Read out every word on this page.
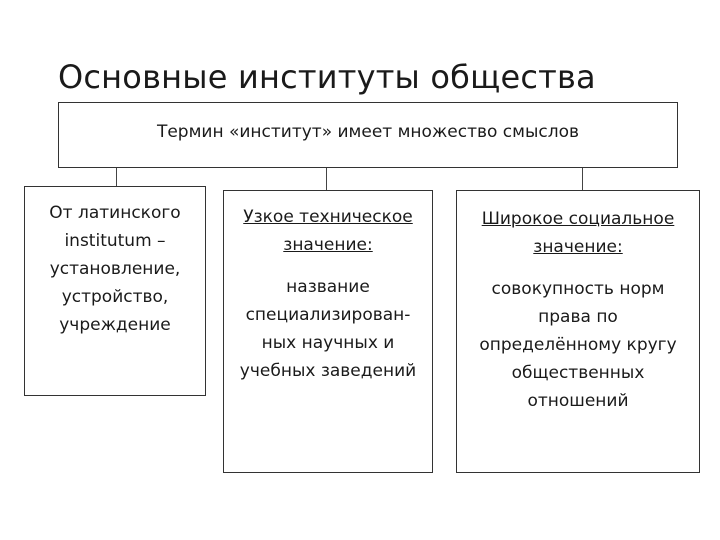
Основные институты общества
Термин «институт» имеет множество смыслов
От латинского
institutum –
установление,
устройство,
учреждение
Узкое техническое
значение:
название
специализирован-
ных научных и
учебных заведений
Широкое социальное
значение:
совокупность норм
права по
определённому кругу
общественных
отношений
